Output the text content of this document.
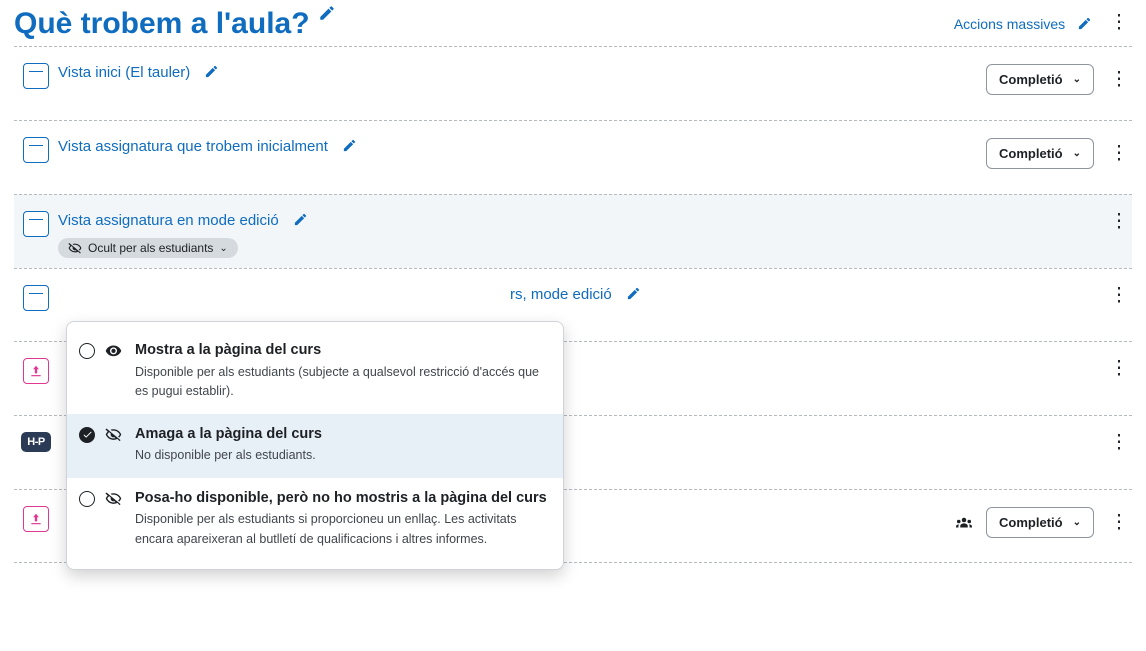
Què trobem a l'aula?	Accions massives	⋮
Vista inici (El tauler)	Completió ⌄ ⋮
Vista assignatura que trobem inicialment	Completió ⌄ ⋮
Vista assignatura en mode edició
Ocult per als estudiants ⌄
⋮
rs, mode edició	⋮
⋮
H-P	⋮
Completió ⌄ ⋮
Mostra a la pàgina del curs
Disponible per als estudiants (subjecte a qualsevol restricció d'accés que es pugui establir).
Amaga a la pàgina del curs
No disponible per als estudiants.
Posa-ho disponible, però no ho mostris a la pàgina del curs
Disponible per als estudiants si proporcioneu un enllaç. Les activitats encara apareixeran al butlletí de qualificacions i altres informes.
